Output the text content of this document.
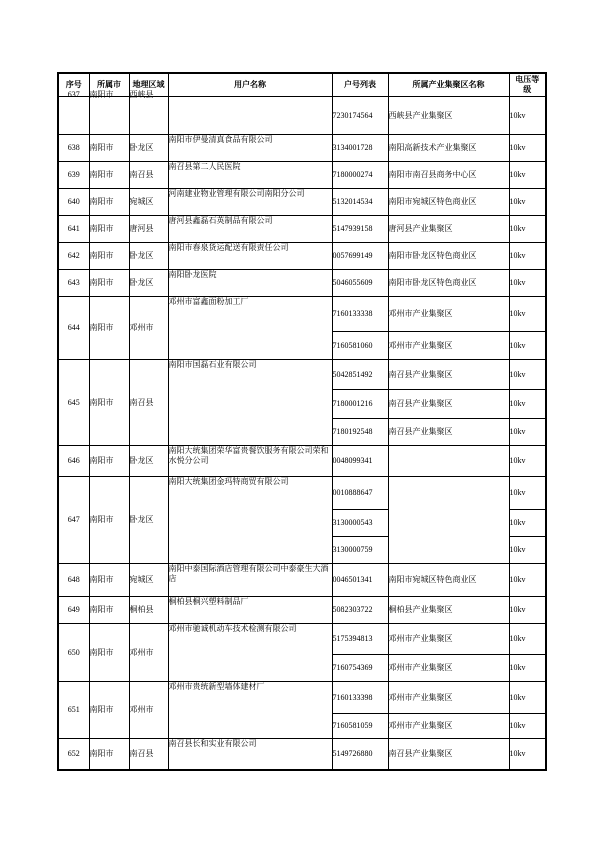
序号	所属市	地理区域	用户名称	户号列表	所属产业集聚区名称	电压等级

637	南阳市	西峡县		7230174564	西峡县产业集聚区	10kv
638	南阳市	卧龙区	南阳市伊曼清真食品有限公司	3134001728	南阳高新技术产业集聚区	10kv
639	南阳市	南召县	南召县第二人民医院	7180000274	南阳市南召县商务中心区	10kv
640	南阳市	宛城区	河南建业物业管理有限公司南阳分公司	5132014534	南阳市宛城区特色商业区	10kv
641	南阳市	唐河县	唐河县鑫磊石英制品有限公司	5147939158	唐河县产业集聚区	10kv
642	南阳市	卧龙区	南阳市春泉货运配送有限责任公司	0057699149	南阳市卧龙区特色商业区	10kv
643	南阳市	卧龙区	南阳卧龙医院	5046055609	南阳市卧龙区特色商业区	10kv
644	南阳市	邓州市	邓州市富鑫面粉加工厂	7160133338	邓州市产业集聚区	10kv
				7160581060	邓州市产业集聚区	10kv
645	南阳市	南召县	南阳市国磊石业有限公司	5042851492	南召县产业集聚区	10kv
				7180001216	南召县产业集聚区	10kv
				7180192548	南召县产业集聚区	10kv
646	南阳市	卧龙区	南阳大统集团荣华富贵餐饮服务有限公司荣和水悦分公司	0048099341		10kv
647	南阳市	卧龙区	南阳大统集团金玛特商贸有限公司	0010888647		10kv
				3130000543		10kv
				3130000759		10kv
648	南阳市	宛城区	南阳中泰国际酒店管理有限公司中泰豪生大酒店	0046501341	南阳市宛城区特色商业区	10kv
649	南阳市	桐柏县	桐柏县桐兴塑料制品厂	5082303722	桐柏县产业集聚区	10kv
650	南阳市	邓州市	邓州市驰诚机动车技术检测有限公司	5175394813	邓州市产业集聚区	10kv
				7160754369	邓州市产业集聚区	10kv
651	南阳市	邓州市	邓州市贵统新型墙体建材厂	7160133398	邓州市产业集聚区	10kv
				7160581059	邓州市产业集聚区	10kv
652	南阳市	南召县	南召县长和实业有限公司	5149726880	南召县产业集聚区	10kv
